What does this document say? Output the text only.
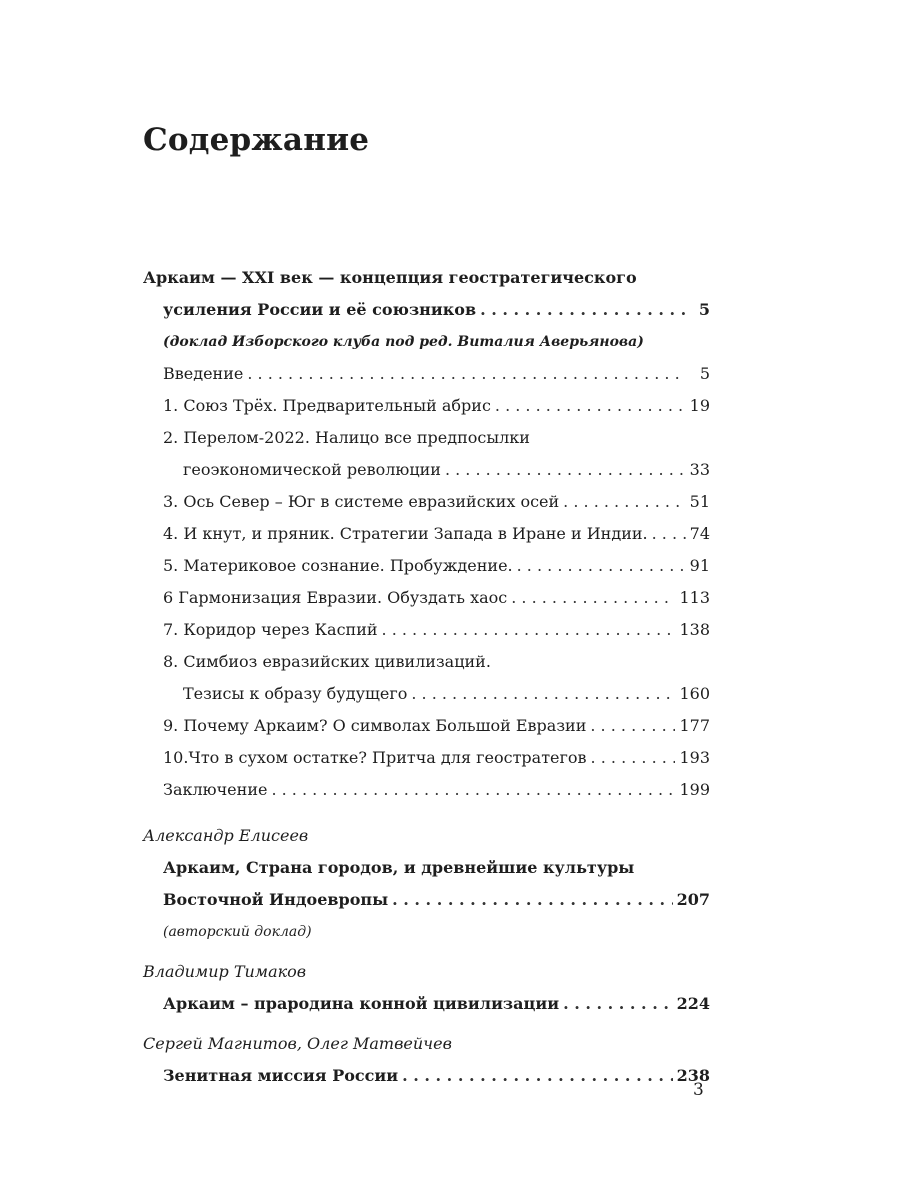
Содержание
Аркаим — XXI век — концепция геостратегического
усиления России и её союзников . . .	5
(доклад Изборского клуба под ред. Виталия Аверьянова)
Введение . . .	5
1. Союз Трёх. Предварительный абрис . . .	19
2. Перелом-2022. Налицо все предпосылки
геоэкономической революции . . .	33
3. Ось Север – Юг в системе евразийских осей . . .	51
4. И кнут, и пряник. Стратегии Запада в Иране и Индии. . . .	74
5. Материковое сознание. Пробуждение. . . .	91
6 Гармонизация Евразии. Обуздать хаос . . .	113
7. Коридор через Каспий . . .	138
8. Симбиоз евразийских цивилизаций.
Тезисы к образу будущего . . .	160
9. Почему Аркаим? О символах Большой Евразии . . .	177
10.Что в сухом остатке? Притча для геостратегов . . .	193
Заключение . . .	199
Александр Елисеев
Аркаим, Страна городов, и древнейшие культуры
Восточной Индоевропы . . .	207
(авторский доклад)
Владимир Тимаков
Аркаим – прародина конной цивилизации . . .	224
Сергей Магнитов, Олег Матвейчев
Зенитная миссия России . . .	238
3
